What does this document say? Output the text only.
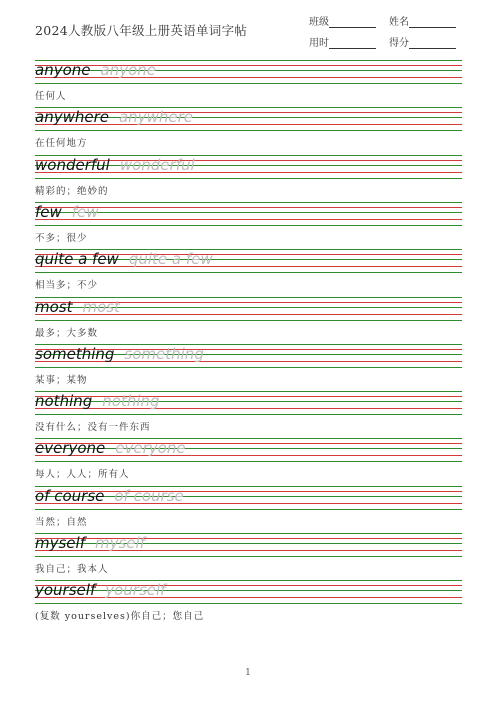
2024人教版八年级上册英语单词字帖
班级	姓名
用时	得分
anyone anyone
任何人
anywhere anywhere
在任何地方
wonderful wonderful
精彩的；绝妙的
few few
不多；很少
quite a few quite a few
相当多；不少
most most
最多；大多数
something something
某事；某物
nothing nothing
没有什么；没有一件东西
everyone everyone
每人；人人；所有人
of course of course
当然；自然
myself myself
我自己；我本人
yourself yourself
(复数 yourselves)你自己；您自己
1
